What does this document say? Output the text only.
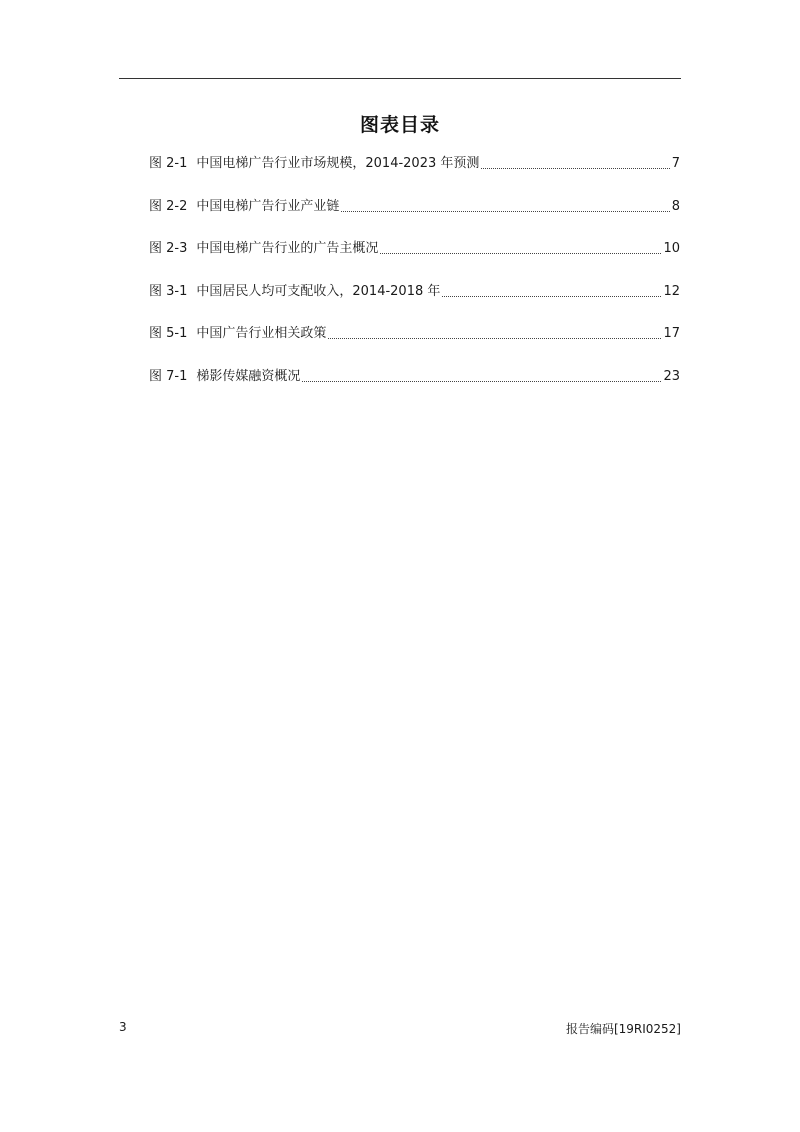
图表目录
图 2-1 中国电梯广告行业市场规模，2014-2023 年预测	7
图 2-2 中国电梯广告行业产业链	8
图 2-3 中国电梯广告行业的广告主概况	10
图 3-1 中国居民人均可支配收入，2014-2018 年	12
图 5-1 中国广告行业相关政策	17
图 7-1 梯影传媒融资概况	23
3	报告编码[19RI0252]
